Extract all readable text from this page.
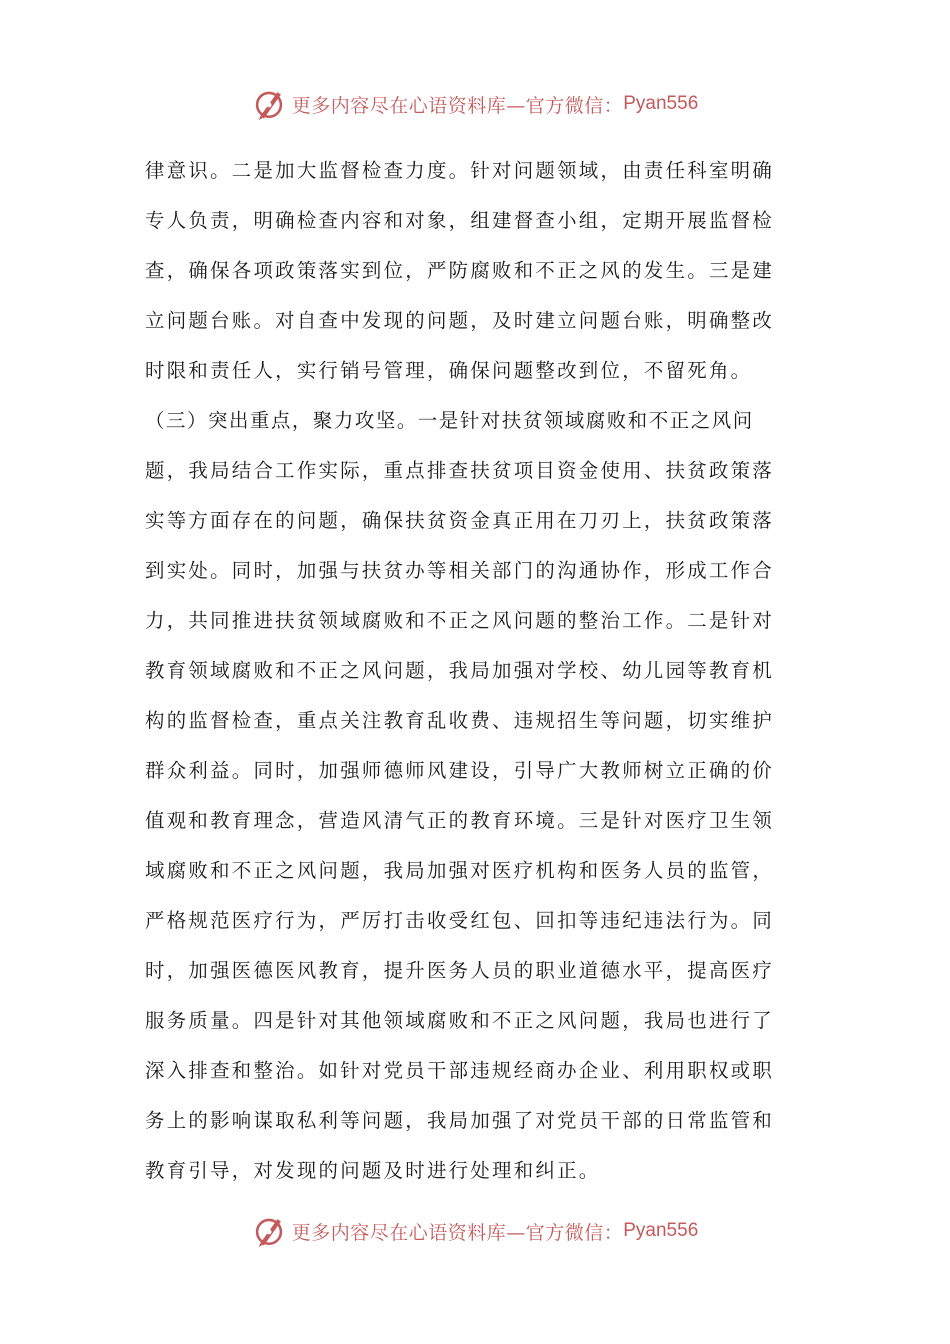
更多内容尽在心语资料库—官方微信： Pyan556
律意识。二是加大监督检查力度。针对问题领域，由责任科室明确
专人负责，明确检查内容和对象，组建督查小组，定期开展监督检
查，确保各项政策落实到位，严防腐败和不正之风的发生。三是建
立问题台账。对自查中发现的问题，及时建立问题台账，明确整改
时限和责任人，实行销号管理，确保问题整改到位，不留死角。
（三）突出重点，聚力攻坚。一是针对扶贫领域腐败和不正之风问
题，我局结合工作实际，重点排查扶贫项目资金使用、扶贫政策落
实等方面存在的问题，确保扶贫资金真正用在刀刃上，扶贫政策落
到实处。同时，加强与扶贫办等相关部门的沟通协作，形成工作合
力，共同推进扶贫领域腐败和不正之风问题的整治工作。二是针对
教育领域腐败和不正之风问题，我局加强对学校、幼儿园等教育机
构的监督检查，重点关注教育乱收费、违规招生等问题，切实维护
群众利益。同时，加强师德师风建设，引导广大教师树立正确的价
值观和教育理念，营造风清气正的教育环境。三是针对医疗卫生领
域腐败和不正之风问题，我局加强对医疗机构和医务人员的监管，
严格规范医疗行为，严厉打击收受红包、回扣等违纪违法行为。同
时，加强医德医风教育，提升医务人员的职业道德水平，提高医疗
服务质量。四是针对其他领域腐败和不正之风问题，我局也进行了
深入排查和整治。如针对党员干部违规经商办企业、利用职权或职
务上的影响谋取私利等问题，我局加强了对党员干部的日常监管和
教育引导，对发现的问题及时进行处理和纠正。
更多内容尽在心语资料库—官方微信： Pyan556
